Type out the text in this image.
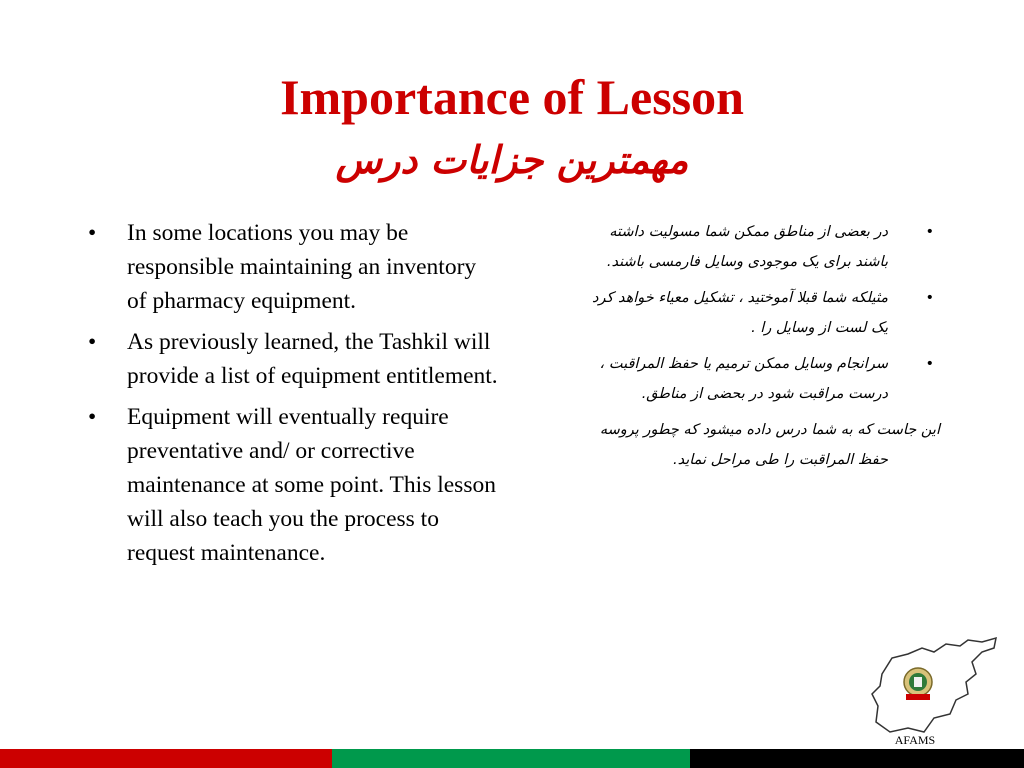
Importance of Lesson
مهمترین جزایات درس
• In some locations you may be responsible maintaining an inventory of pharmacy equipment.
• As previously learned, the Tashkil will provide a list of equipment entitlement.
• Equipment will eventually require preventative and/ or corrective maintenance at some point. This lesson will also teach you the process to request maintenance.
•
در بعضی از مناطق ممکن شما مسولیت داشته باشند برای یک موجودی وسایل فارمسی باشند.
•
مثیلکه شما قبلا آموختید ، تشکیل معیاء خواهد کرد یک لست از وسایل را .
•
سرانجام وسایل ممکن ترمیم یا حفظ المراقبت ، درست مراقبت شود در بحضی از مناطق.

این جاست که به شما درس داده میشود که چطور پروسه حفظ المراقبت را طی مراحل نماید.

AFAMS
